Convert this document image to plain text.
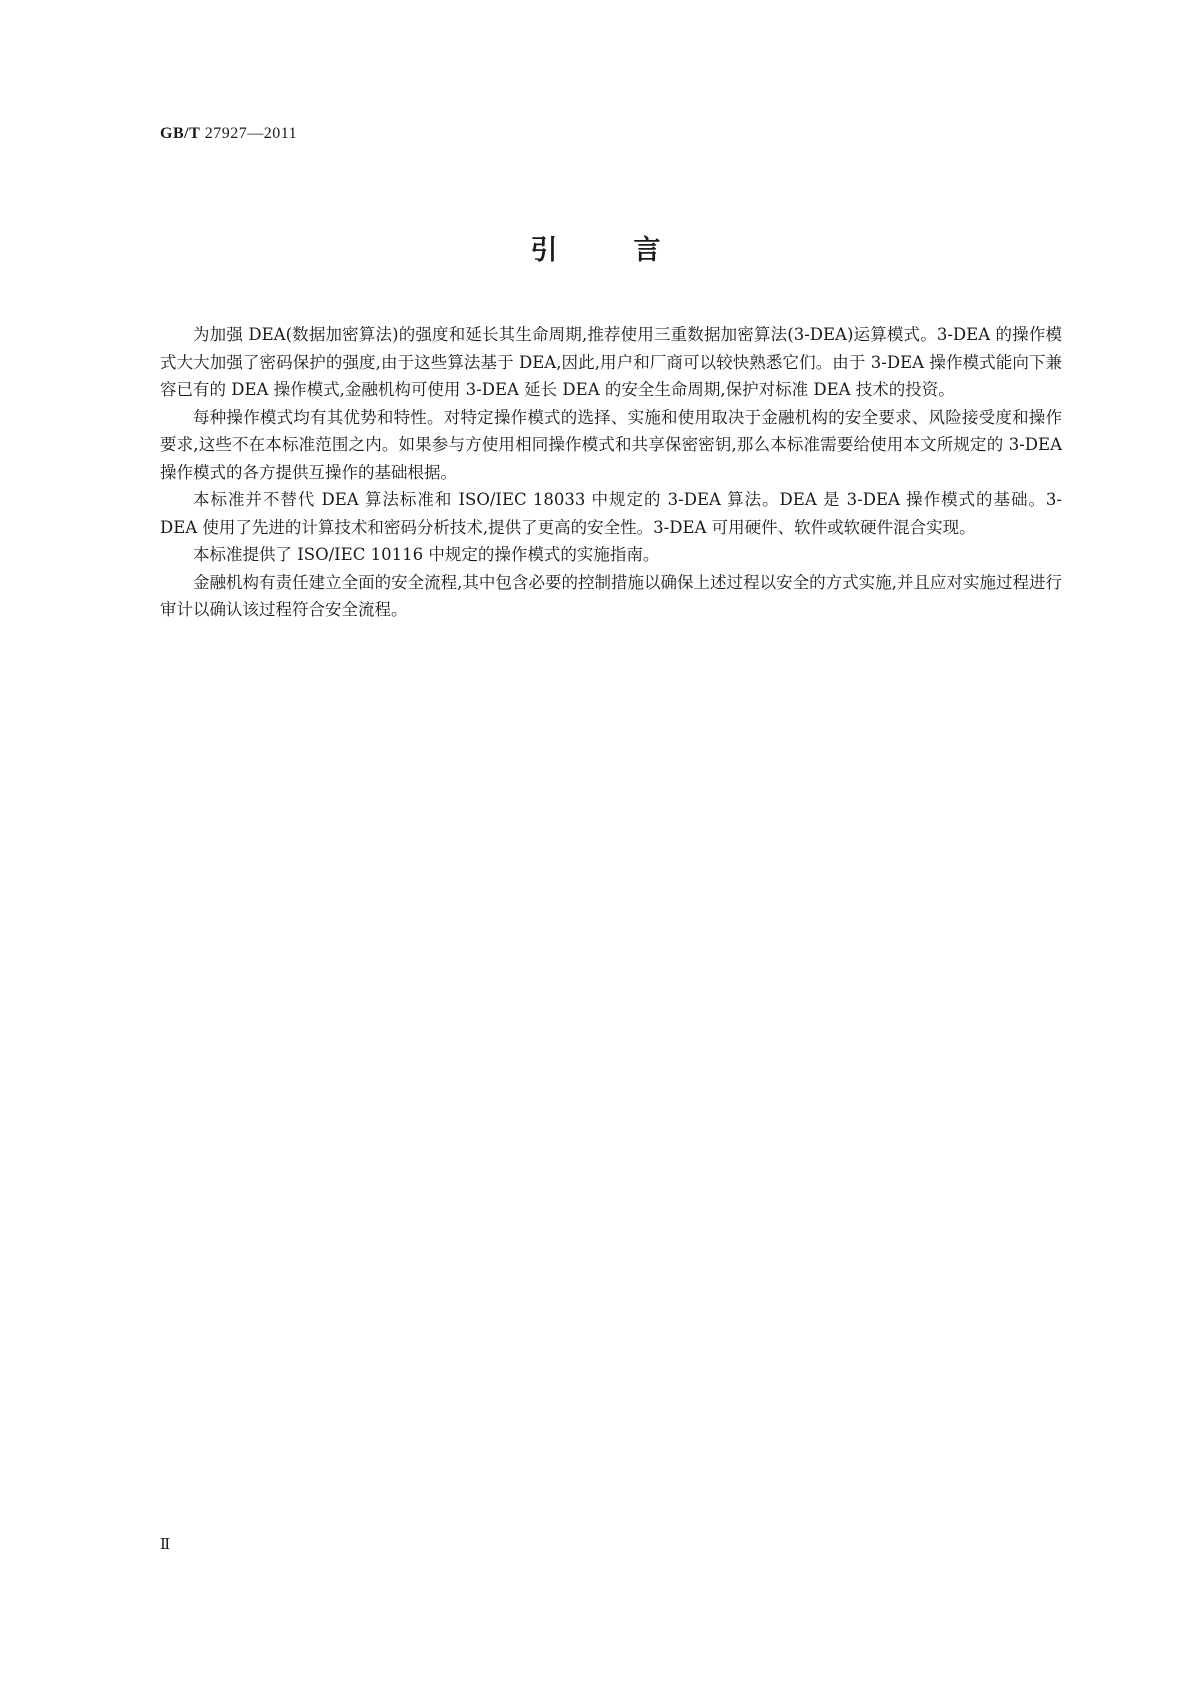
GB/T 27927—2011
引	言

为加强 DEA(数据加密算法)的强度和延长其生命周期,推荐使用三重数据加密算法(3-DEA)运算模式。3-DEA 的操作模式大大加强了密码保护的强度,由于这些算法基于 DEA,因此,用户和厂商可以较快熟悉它们。由于 3-DEA 操作模式能向下兼容已有的 DEA 操作模式,金融机构可使用 3-DEA 延长 DEA 的安全生命周期,保护对标准 DEA 技术的投资。

每种操作模式均有其优势和特性。对特定操作模式的选择、实施和使用取决于金融机构的安全要求、风险接受度和操作要求,这些不在本标准范围之内。如果参与方使用相同操作模式和共享保密密钥,那么本标准需要给使用本文所规定的 3-DEA 操作模式的各方提供互操作的基础根据。

本标准并不替代 DEA 算法标准和 ISO/IEC 18033 中规定的 3-DEA 算法。DEA 是 3-DEA 操作模式的基础。3-DEA 使用了先进的计算技术和密码分析技术,提供了更高的安全性。3-DEA 可用硬件、软件或软硬件混合实现。

本标准提供了 ISO/IEC 10116 中规定的操作模式的实施指南。

金融机构有责任建立全面的安全流程,其中包含必要的控制措施以确保上述过程以安全的方式实施,并且应对实施过程进行审计以确认该过程符合安全流程。

Ⅱ
